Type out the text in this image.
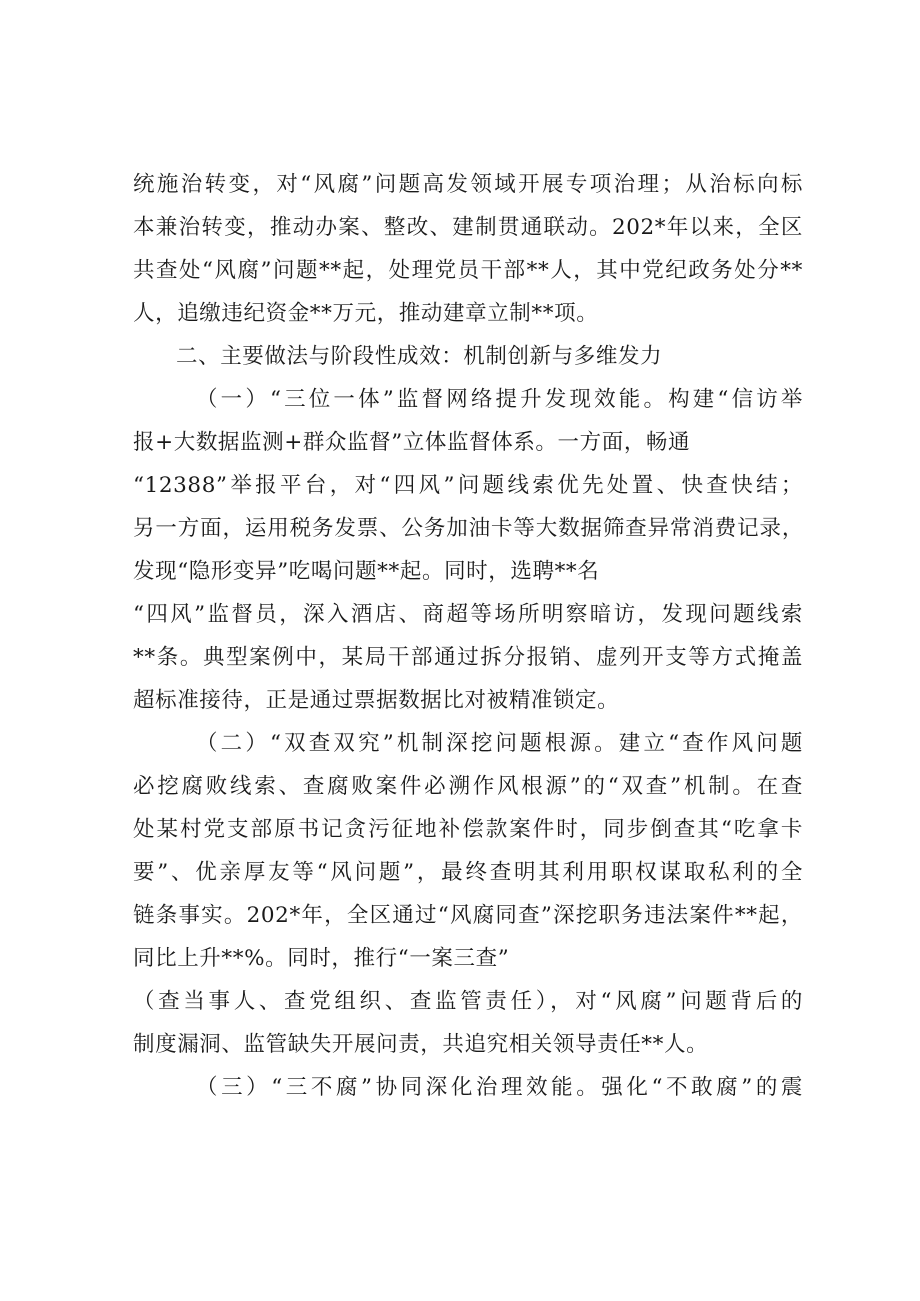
统施治转变，对“风腐”问题高发领域开展专项治理；从治标向标
本兼治转变，推动办案、整改、建制贯通联动。202*年以来，全区
共查处“风腐”问题**起，处理党员干部**人，其中党纪政务处分**
人，追缴违纪资金**万元，推动建章立制**项。
二、主要做法与阶段性成效：机制创新与多维发力
（一）“三位一体”监督网络提升发现效能。构建“信访举
报+大数据监测+群众监督”立体监督体系。一方面，畅通
“12388”举报平台，对“四风”问题线索优先处置、快查快结；
另一方面，运用税务发票、公务加油卡等大数据筛查异常消费记录，
发现“隐形变异”吃喝问题**起。同时，选聘**名
“四风”监督员，深入酒店、商超等场所明察暗访，发现问题线索
**条。典型案例中，某局干部通过拆分报销、虚列开支等方式掩盖
超标准接待，正是通过票据数据比对被精准锁定。
（二）“双查双究”机制深挖问题根源。建立“查作风问题
必挖腐败线索、查腐败案件必溯作风根源”的“双查”机制。在查
处某村党支部原书记贪污征地补偿款案件时，同步倒查其“吃拿卡
要”、优亲厚友等“风问题”，最终查明其利用职权谋取私利的全
链条事实。202*年，全区通过“风腐同查”深挖职务违法案件**起，
同比上升**%。同时，推行“一案三查”
（查当事人、查党组织、查监管责任），对“风腐”问题背后的
制度漏洞、监管缺失开展问责，共追究相关领导责任**人。
（三）“三不腐”协同深化治理效能。强化“不敢腐”的震
